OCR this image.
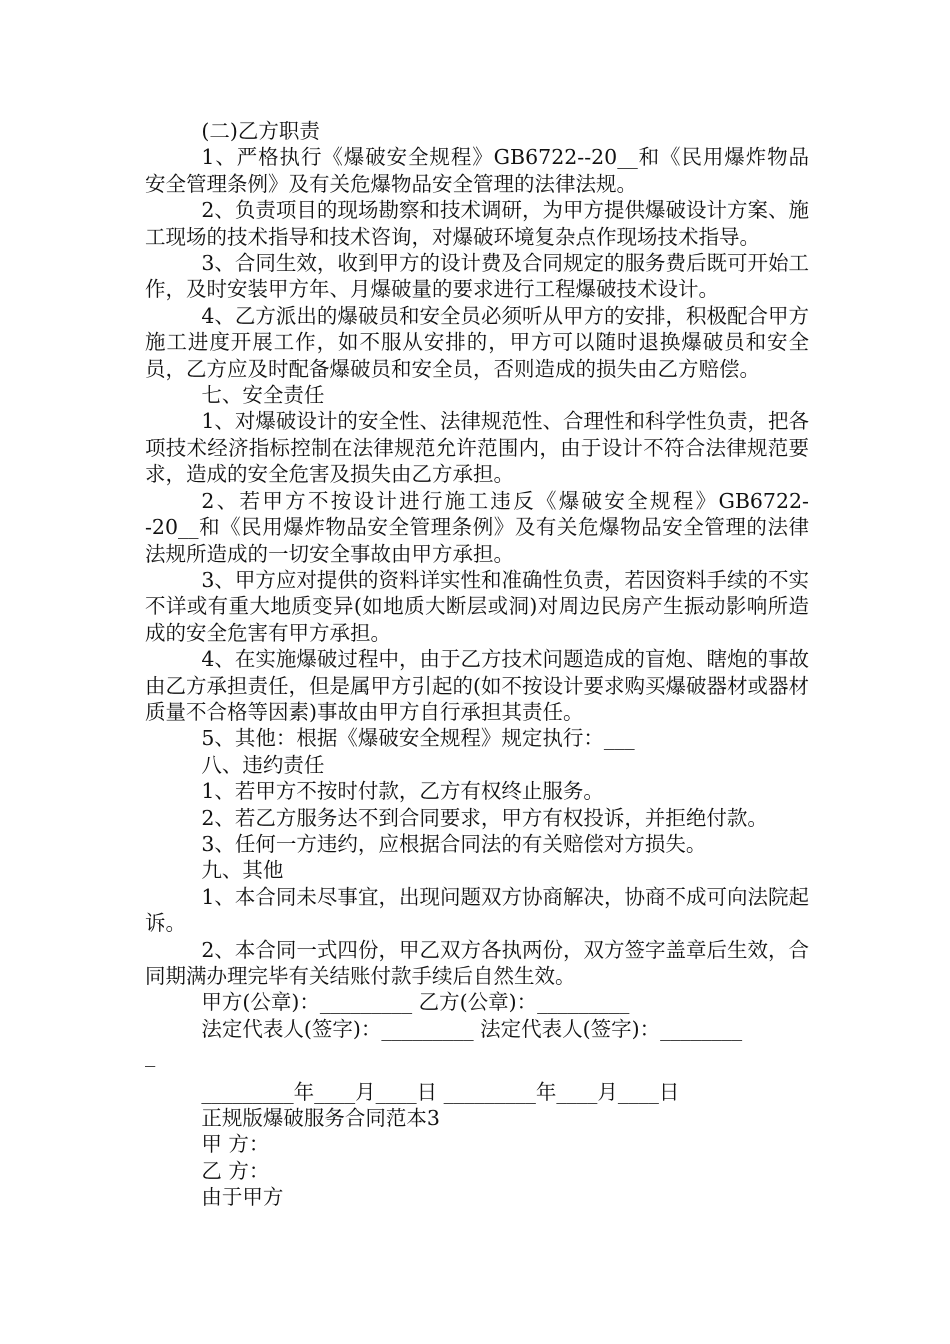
(二)乙方职责

1、严格执行《爆破安全规程》GB6722--20__和《民用爆炸物品安全管理条例》及有关危爆物品安全管理的法律法规。

2、负责项目的现场勘察和技术调研，为甲方提供爆破设计方案、施工现场的技术指导和技术咨询，对爆破环境复杂点作现场技术指导。

3、合同生效，收到甲方的设计费及合同规定的服务费后既可开始工作，及时安装甲方年、月爆破量的要求进行工程爆破技术设计。

4、乙方派出的爆破员和安全员必须听从甲方的安排，积极配合甲方施工进度开展工作，如不服从安排的，甲方可以随时退换爆破员和安全员，乙方应及时配备爆破员和安全员，否则造成的损失由乙方赔偿。

七、安全责任

1、对爆破设计的安全性、法律规范性、合理性和科学性负责，把各项技术经济指标控制在法律规范允许范围内，由于设计不符合法律规范要求，造成的安全危害及损失由乙方承担。

2、若甲方不按设计进行施工违反《爆破安全规程》GB6722--20__和《民用爆炸物品安全管理条例》及有关危爆物品安全管理的法律法规所造成的一切安全事故由甲方承担。

3、甲方应对提供的资料详实性和准确性负责，若因资料手续的不实不详或有重大地质变异(如地质大断层或洞)对周边民房产生振动影响所造成的安全危害有甲方承担。

4、在实施爆破过程中，由于乙方技术问题造成的盲炮、瞎炮的事故由乙方承担责任，但是属甲方引起的(如不按设计要求购买爆破器材或器材质量不合格等因素)事故由甲方自行承担其责任。

5、其他：根据《爆破安全规程》规定执行：___

八、违约责任

1、若甲方不按时付款，乙方有权终止服务。

2、若乙方服务达不到合同要求，甲方有权投诉，并拒绝付款。

3、任何一方违约，应根据合同法的有关赔偿对方损失。

九、其他

1、本合同未尽事宜，出现问题双方协商解决，协商不成可向法院起诉。

2、本合同一式四份，甲乙双方各执两份，双方签字盖章后生效，合同期满办理完毕有关结账付款手续后自然生效。

甲方(公章)：_________ 乙方(公章)：_________

法定代表人(签字)：_________ 法定代表人(签字)：________

_

_________年____月____日 _________年____月____日

正规版爆破服务合同范本3

甲 方：

乙 方：

由于甲方
